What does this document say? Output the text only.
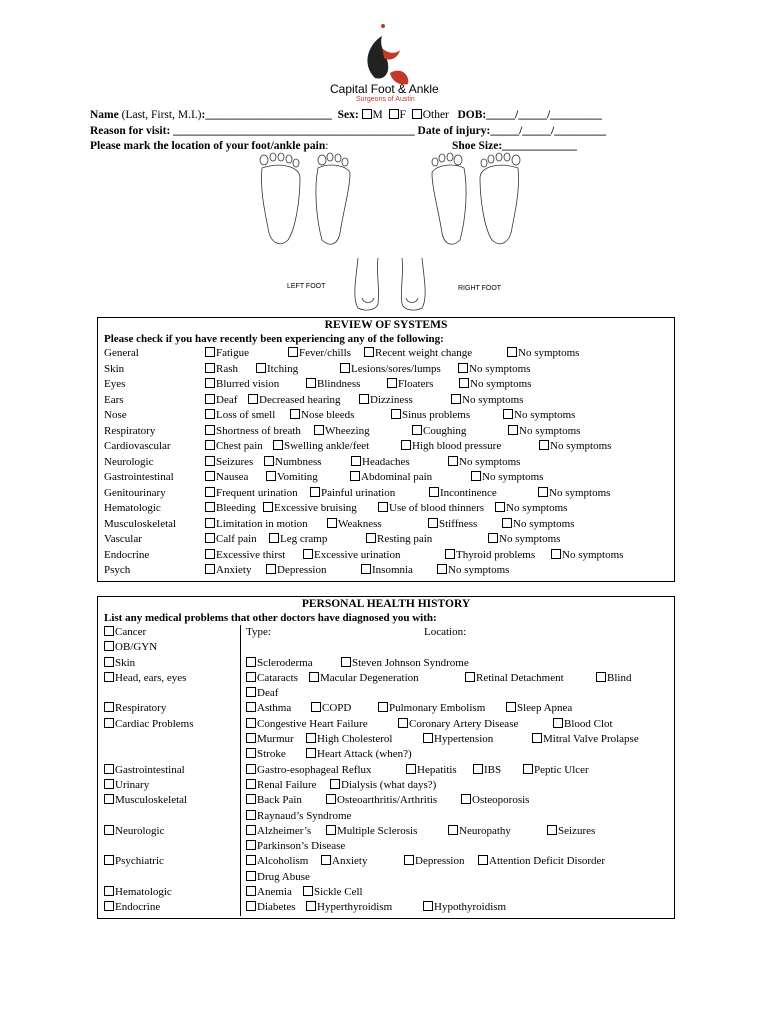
Capital Foot & Ankle
Surgeons of Austin
Name (Last, First, M.I.):______________________ Sex: M F Other DOB:_____/_____/_________
Reason for visit: __________________________________________ Date of injury:_____/_____/_________
Please mark the location of your foot/ankle pain:	Shoe Size:_____________
LEFT FOOT	RIGHT FOOT
REVIEW OF SYSTEMS
Please check if you have recently been experiencing any of the following:
General	Fatigue	Fever/chills	Recent weight change	No symptoms
Skin	Rash	Itching	Lesions/sores/lumps	No symptoms
Eyes	Blurred vision	Blindness	Floaters	No symptoms
Ears	Deaf	Decreased hearing	Dizziness	No symptoms
Nose	Loss of smell	Nose bleeds	Sinus problems	No symptoms
Respiratory	Shortness of breath	Wheezing	Coughing	No symptoms
Cardiovascular	Chest pain	Swelling ankle/feet	High blood pressure	No symptoms
Neurologic	Seizures	Numbness	Headaches	No symptoms
Gastrointestinal	Nausea	Vomiting	Abdominal pain	No symptoms
Genitourinary	Frequent urination	Painful urination	Incontinence	No symptoms
Hematologic	Bleeding	Excessive bruising	Use of blood thinners	No symptoms
Musculoskeletal	Limitation in motion	Weakness	Stiffness	No symptoms
Vascular	Calf pain	Leg cramp	Resting pain	No symptoms
Endocrine	Excessive thirst	Excessive urination	Thyroid problems	No symptoms
Psych	Anxiety	Depression	Insomnia	No symptoms
PERSONAL HEALTH HISTORY
List any medical problems that other doctors have diagnosed you with:
Cancer	Type:	Location:
OB/GYN
Skin	Scleroderma	Steven Johnson Syndrome
Head, ears, eyes	Cataracts	Macular Degeneration	Retinal Detachment	Blind
Deaf
Respiratory	Asthma	COPD	Pulmonary Embolism	Sleep Apnea
Cardiac Problems	Congestive Heart Failure	Coronary Artery Disease	Blood Clot
Murmur	High Cholesterol	Hypertension	Mitral Valve Prolapse
Stroke	Heart Attack (when?)
Gastrointestinal	Gastro-esophageal Reflux	Hepatitis	IBS	Peptic Ulcer
Urinary	Renal Failure	Dialysis (what days?)
Musculoskeletal	Back Pain	Osteoarthritis/Arthritis	Osteoporosis
Raynaud’s Syndrome
Neurologic	Alzheimer’s	Multiple Sclerosis	Neuropathy	Seizures
Parkinson’s Disease
Psychiatric	Alcoholism	Anxiety	Depression	Attention Deficit Disorder
Drug Abuse
Hematologic	Anemia	Sickle Cell
Endocrine	Diabetes	Hyperthyroidism	Hypothyroidism
